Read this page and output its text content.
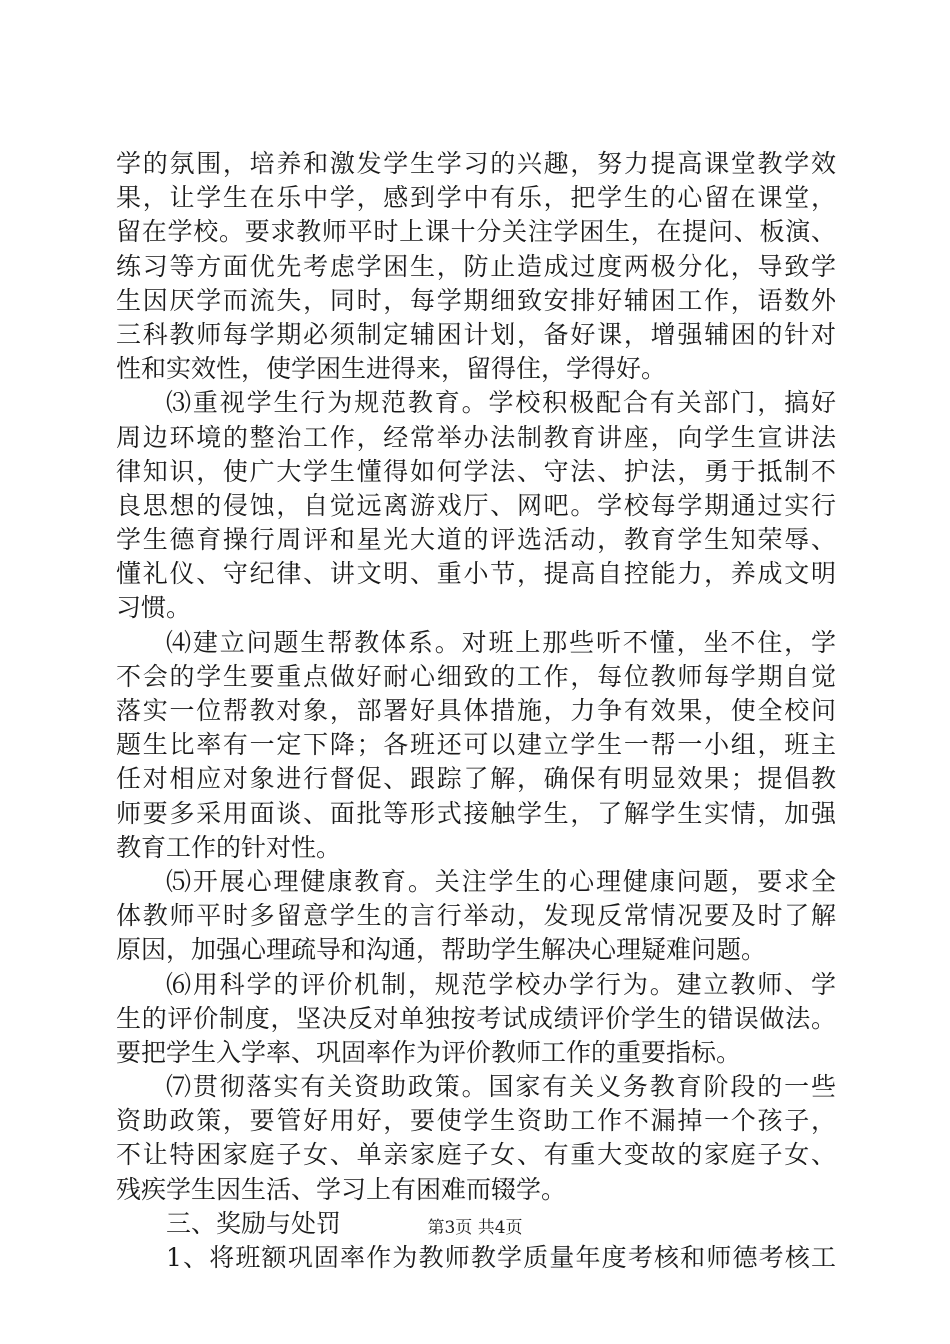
学的氛围，培养和激发学生学习的兴趣，努力提高课堂教学效
果，让学生在乐中学，感到学中有乐，把学生的心留在课堂，
留在学校。要求教师平时上课十分关注学困生，在提问、板演、
练习等方面优先考虑学困生，防止造成过度两极分化，导致学
生因厌学而流失，同时，每学期细致安排好辅困工作，语数外
三科教师每学期必须制定辅困计划，备好课，增强辅困的针对
性和实效性，使学困生进得来，留得住，学得好。
⑶重视学生行为规范教育。学校积极配合有关部门，搞好
周边环境的整治工作，经常举办法制教育讲座，向学生宣讲法
律知识，使广大学生懂得如何学法、守法、护法，勇于抵制不
良思想的侵蚀，自觉远离游戏厅、网吧。学校每学期通过实行
学生德育操行周评和星光大道的评选活动，教育学生知荣辱、
懂礼仪、守纪律、讲文明、重小节，提高自控能力，养成文明
习惯。
⑷建立问题生帮教体系。对班上那些听不懂，坐不住，学
不会的学生要重点做好耐心细致的工作，每位教师每学期自觉
落实一位帮教对象，部署好具体措施，力争有效果，使全校问
题生比率有一定下降；各班还可以建立学生一帮一小组，班主
任对相应对象进行督促、跟踪了解，确保有明显效果；提倡教
师要多采用面谈、面批等形式接触学生，了解学生实情，加强
教育工作的针对性。
⑸开展心理健康教育。关注学生的心理健康问题，要求全
体教师平时多留意学生的言行举动，发现反常情况要及时了解
原因，加强心理疏导和沟通，帮助学生解决心理疑难问题。
⑹用科学的评价机制，规范学校办学行为。建立教师、学
生的评价制度，坚决反对单独按考试成绩评价学生的错误做法。
要把学生入学率、巩固率作为评价教师工作的重要指标。
⑺贯彻落实有关资助政策。国家有关义务教育阶段的一些
资助政策，要管好用好，要使学生资助工作不漏掉一个孩子，
不让特困家庭子女、单亲家庭子女、有重大变故的家庭子女、
残疾学生因生活、学习上有困难而辍学。
三、奖励与处罚
1、将班额巩固率作为教师教学质量年度考核和师德考核工
第3页 共4页
